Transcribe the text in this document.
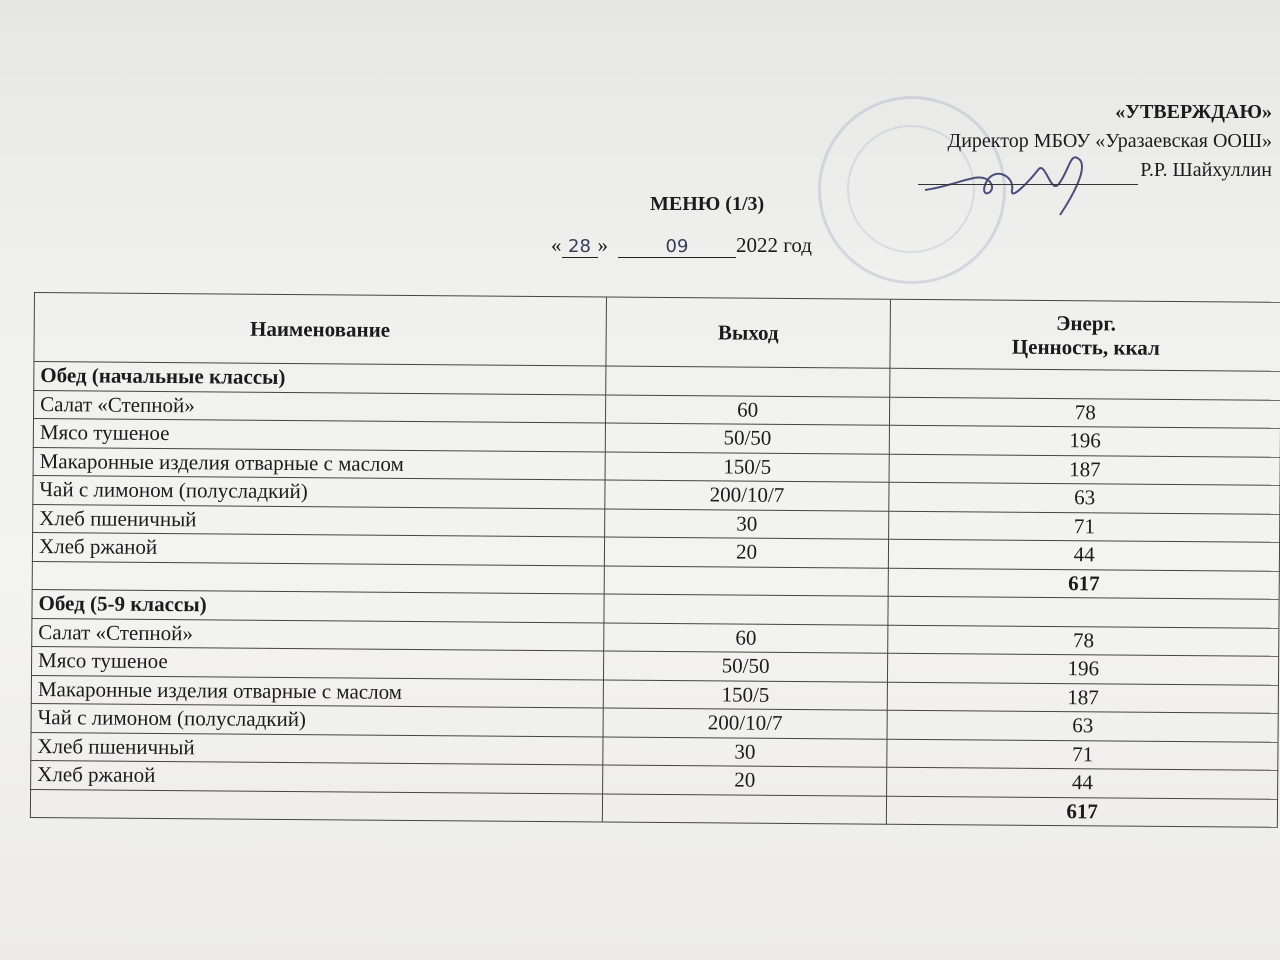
«УТВЕРЖДАЮ»
Директор МБОУ «Уразаевская ООШ»
Р.Р. Шайхуллин
МЕНЮ (1/3)
« 28 »	09 2022 год
Наименование	Выход	Энерг.
Ценность, ккал

Обед (начальные классы)		
Салат «Степной»	60	78
Мясо тушеное	50/50	196
Макаронные изделия отварные с маслом	150/5	187
Чай с лимоном (полусладкий)	200/10/7	63
Хлеб пшеничный	30	71
Хлеб ржаной	20	44
		617
Обед (5-9 классы)		
Салат «Степной»	60	78
Мясо тушеное	50/50	196
Макаронные изделия отварные с маслом	150/5	187
Чай с лимоном (полусладкий)	200/10/7	63
Хлеб пшеничный	30	71
Хлеб ржаной	20	44
		617
